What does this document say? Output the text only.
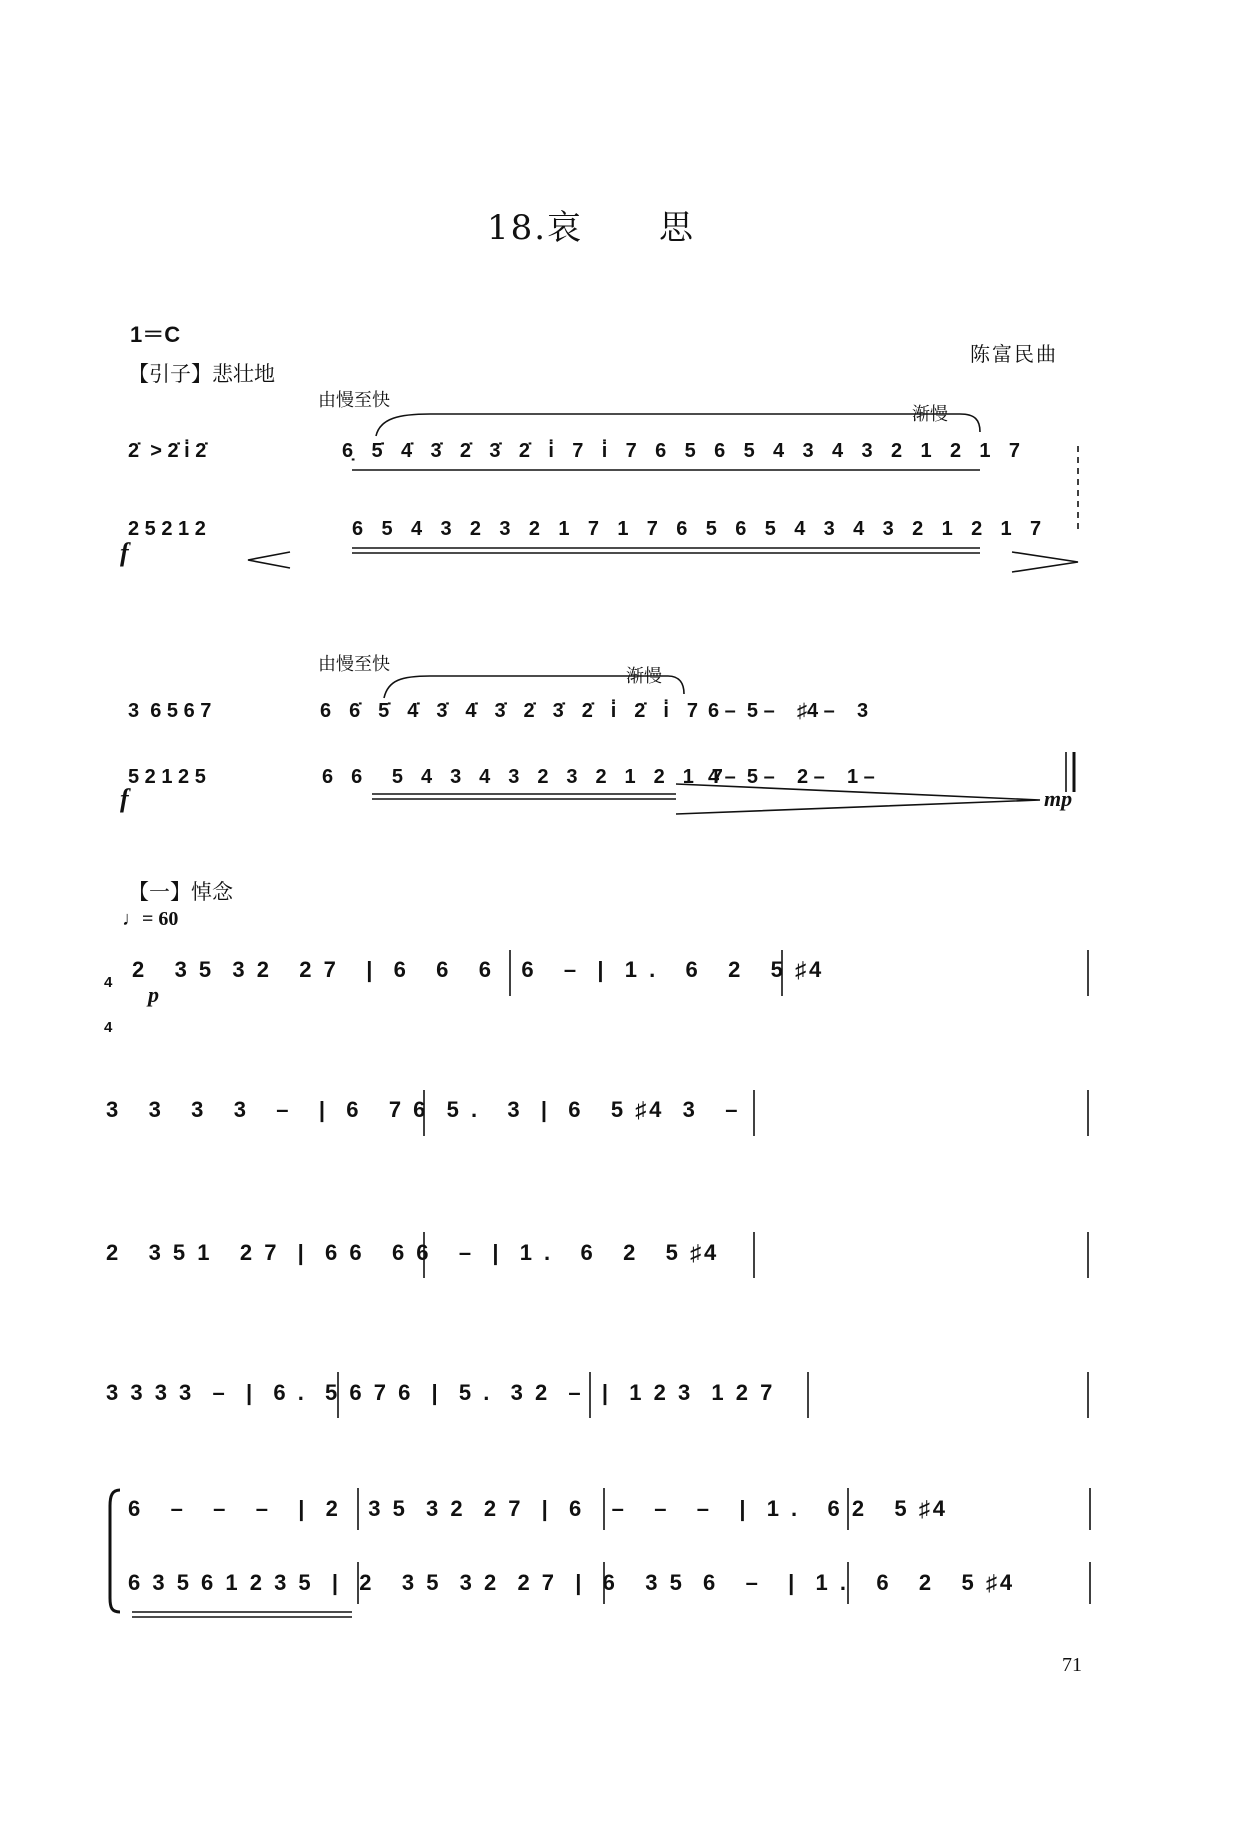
18.哀思
1＝C
陈富民曲
【引子】悲壮地
由慢至快
渐慢
6̣ 5̇ 4̇ 3̇ 2̇ 3̇ 2̇ i̇ 7 i̇ 7 6 5 6 5 4 3 4 3 2 1 2 1 7
6 5 4 3 2 3 2 1 7 1 7 6 5 6 5 4 3 4 3 2 1 2 1 7
2̇  > 2̇ i̇ 2̇
2 5 2 1 2
f
由慢至快
渐慢
3  6 5 6 7	6 6̇ 5̇ 4̇ 3̇ 4̇ 3̇ 2̇ 3̇ 2̇ i̇ 2̇ i̇ 7
5 2 1 2 5	6 6  5 4 3 4 3 2 3 2 1 2 1 7
6 –  5 –    ♯4 –    3
4 –  5 –    2 –    1 –
f	mp
【一】悼念
♩= 60

4

4

p
2   3 5  3 2   2 7   |  6   6   6   6   –  |  1 .   6   2   5 ♯4
3   3   3   3   –   |  6   7 6  5 .   3  |  6   5 ♯4  3   –
2   3 5 1   2 7  |  6 6   6 6   –  |  1 .   6   2   5 ♯4
3 3 3 3  –  |  6 .  5 6 7 6  |  5 .  3 2  –  |  1 2 3  1 2 7
6   –   –   –   |  2   3 5  3 2  2 7  |  6   –   –   –   |  1 .   6 2   5 ♯4
6 3 5 6 1 2 3 5  |  2   3 5  3 2  2 7  |  6   3 5  6   –   |  1 .   6   2   5 ♯4
71
